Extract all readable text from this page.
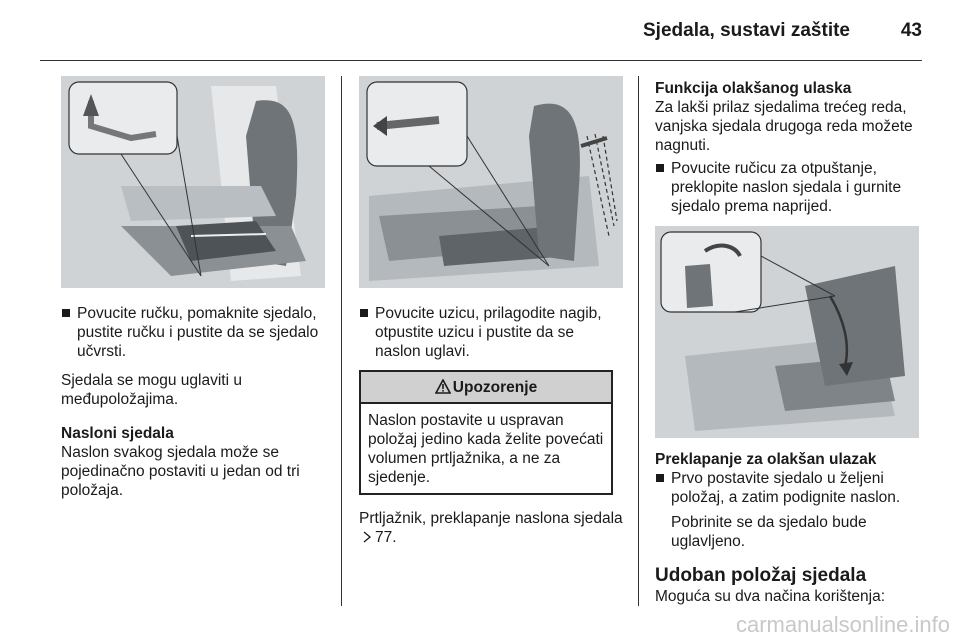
Sjedala, sustavi zaštite	43

Povucite ručku, pomaknite sjedalo, pustite ručku i pustite da se sjedalo učvrsti.

Sjedala se mogu uglaviti u međupoložajima.

Nasloni sjedala

Naslon svakog sjedala može se pojedinačno postaviti u jedan od tri položaja.

Povucite uzicu, prilagodite nagib, otpustite uzicu i pustite da se naslon uglavi.

Upozorenje
Naslon postavite u uspravan položaj jedino kada želite povećati volumen prtljažnika, a ne za sjedenje.

Prtljažnik, preklapanje naslona sjedala77.

Funkcija olakšanog ulaska

Za lakši prilaz sjedalima trećeg reda, vanjska sjedala drugoga reda možete nagnuti.

Povucite ručicu za otpuštanje, preklopite naslon sjedala i gurnite sjedalo prema naprijed.

Preklapanje za olakšan ulazak

Prvo postavite sjedalo u željeni položaj, a zatim podignite naslon.

Pobrinite se da sjedalo bude uglavljeno.

Udoban položaj sjedala

Moguća su dva načina korištenja:

carmanualsonline.info
